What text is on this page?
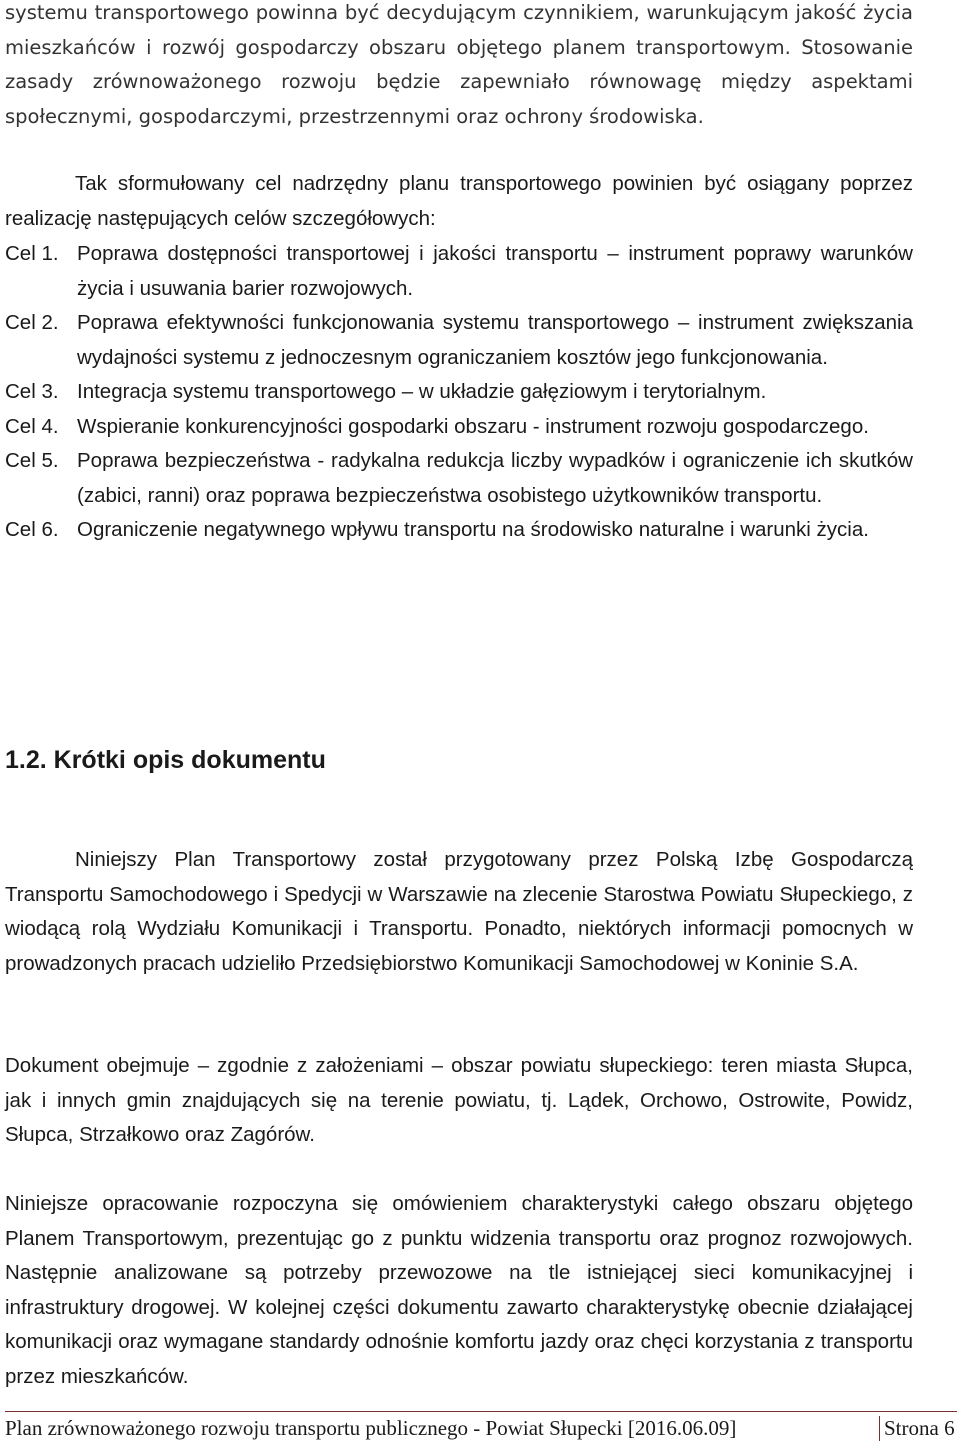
systemu transportowego powinna być decydującym czynnikiem, warunkującym jakość życia mieszkańców i rozwój gospodarczy obszaru objętego planem transportowym. Stosowanie zasady zrównoważonego rozwoju będzie zapewniało równowagę między aspektami społecznymi, gospodarczymi, przestrzennymi oraz ochrony środowiska.

Tak sformułowany cel nadrzędny planu transportowego powinien być osiągany poprzez realizację następujących celów szczegółowych:

Cel 1. Poprawa dostępności transportowej i jakości transportu – instrument poprawy warunków życia i usuwania barier rozwojowych.
Cel 2. Poprawa efektywności funkcjonowania systemu transportowego – instrument zwiększania wydajności systemu z jednoczesnym ograniczaniem kosztów jego funkcjonowania.
Cel 3. Integracja systemu transportowego – w układzie gałęziowym i terytorialnym.
Cel 4. Wspieranie konkurencyjności gospodarki obszaru - instrument rozwoju gospodarczego.
Cel 5. Poprawa bezpieczeństwa - radykalna redukcja liczby wypadków i ograniczenie ich skutków (zabici, ranni) oraz poprawa bezpieczeństwa osobistego użytkowników transportu.
Cel 6. Ograniczenie negatywnego wpływu transportu na środowisko naturalne i warunki życia.
1.2. Krótki opis dokumentu

Niniejszy Plan Transportowy został przygotowany przez Polską Izbę Gospodarczą Transportu Samochodowego i Spedycji w Warszawie na zlecenie Starostwa Powiatu Słupeckiego, z wiodącą rolą Wydziału Komunikacji i Transportu. Ponadto, niektórych informacji pomocnych w prowadzonych pracach udzieliło Przedsiębiorstwo Komunikacji Samochodowej w Koninie S.A.

Dokument obejmuje – zgodnie z założeniami – obszar powiatu słupeckiego: teren miasta Słupca, jak i innych gmin znajdujących się na terenie powiatu, tj. Lądek, Orchowo, Ostrowite, Powidz, Słupca, Strzałkowo oraz Zagórów.

Niniejsze opracowanie rozpoczyna się omówieniem charakterystyki całego obszaru objętego Planem Transportowym, prezentując go z punktu widzenia transportu oraz prognoz rozwojowych. Następnie analizowane są potrzeby przewozowe na tle istniejącej sieci komunikacyjnej i infrastruktury drogowej. W kolejnej części dokumentu zawarto charakterystykę obecnie działającej komunikacji oraz wymagane standardy odnośnie komfortu jazdy oraz chęci korzystania z transportu przez mieszkańców.

Plan zrównoważonego rozwoju transportu publicznego - Powiat Słupecki [2016.06.09]	Strona 6
